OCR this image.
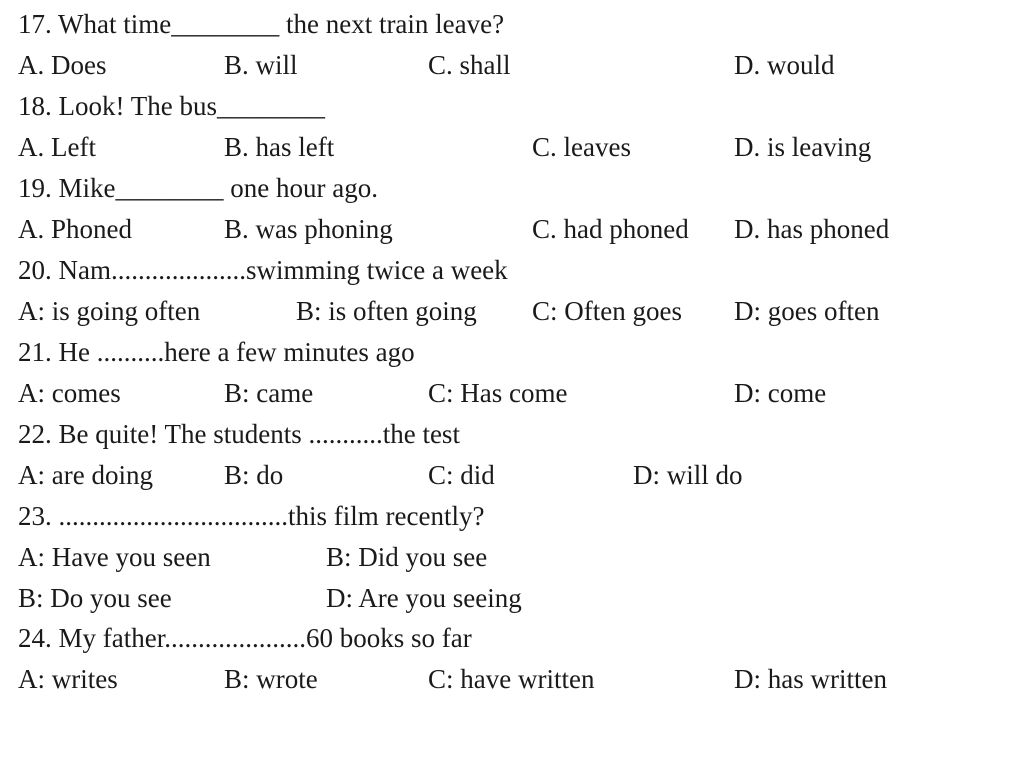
17. What time________ the next train leave?
A. Does	B. will	C. shall	D. would
18. Look! The bus________
A. Left	B. has left	C. leaves	D. is leaving
19. Mike________ one hour ago.
A. Phoned	B. was phoning	C. had phoned D. has phoned
20. Nam....................swimming twice a week
A: is going often	B: is often going C: Often goes D: goes often
21. He ..........here a few minutes ago
A: comes	B: came	C: Has come	D: come
22. Be quite! The students ...........the test
A: are doing	B: do	C: did	D: will do
23. ..................................this film recently?
A: Have you seen	B: Did you see
B: Do you see	D: Are you seeing
24. My father.....................60 books so far
A: writes	B: wrote	C: have written	D: has written
